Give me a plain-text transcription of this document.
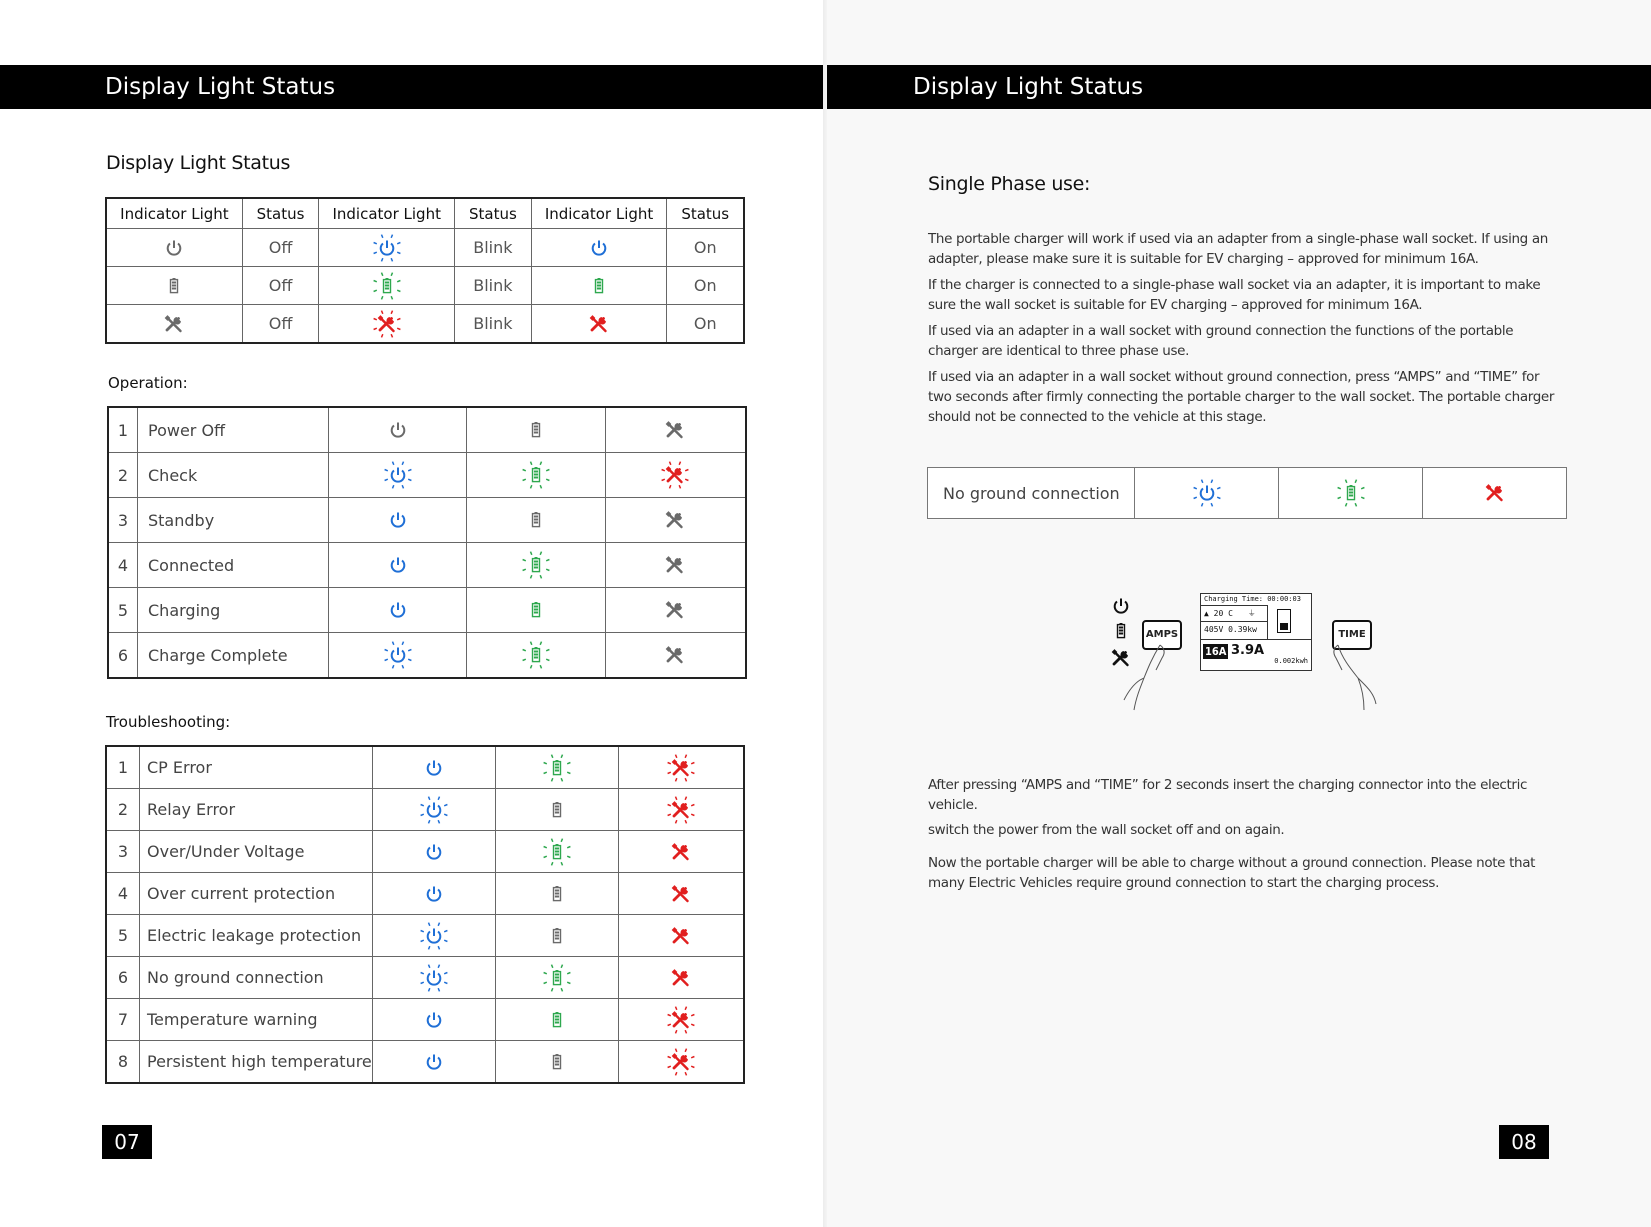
Display Light Status	Display Light Status
Display Light Status
Indicator Light	Status	Indicator Light	Status	Indicator Light	Status

	Off		Blink		On

	Off		Blink		On

	Off		Blink		On
Operation:
1	Power Off	

2	Check	

3	Standby	

4	Connected	

5	Charging	

6	Charge Complete	

Troubleshooting:
1	CP Error	

2	Relay Error	

3	Over/Under Voltage	

4	Over current protection	

5	Electric leakage protection	

6	No ground connection	

7	Temperature warning	

8	Persistent high temperature	

07
Single Phase use:

The portable charger will work if used via an adapter from a single-phase wall socket. If using an adapter, please make sure it is suitable for EV charging – approved for minimum 16A.

If the charger is connected to a single-phase wall socket via an adapter, it is important to make sure the wall socket is suitable for EV charging – approved for minimum 16A.

If used via an adapter in a wall socket with ground connection the functions of the portable charger are identical to three phase use.

If used via an adapter in a wall socket without ground connection, press “AMPS” and “TIME” for two seconds after firmly connecting the portable charger to the wall socket. The portable charger should not be connected to the vehicle at this stage.

No ground connection	

AMPS	TIME
Charging Time: 00:00:03
▲ 20 C ⏚
405V 0.39kw
16A 3.9A
0.002kwh

After pressing “AMPS and “TIME” for 2 seconds insert the charging connector into the electric vehicle.

switch the power from the wall socket off and on again.

Now the portable charger will be able to charge without a ground connection. Please note that many Electric Vehicles require ground connection to start the charging process.

08
